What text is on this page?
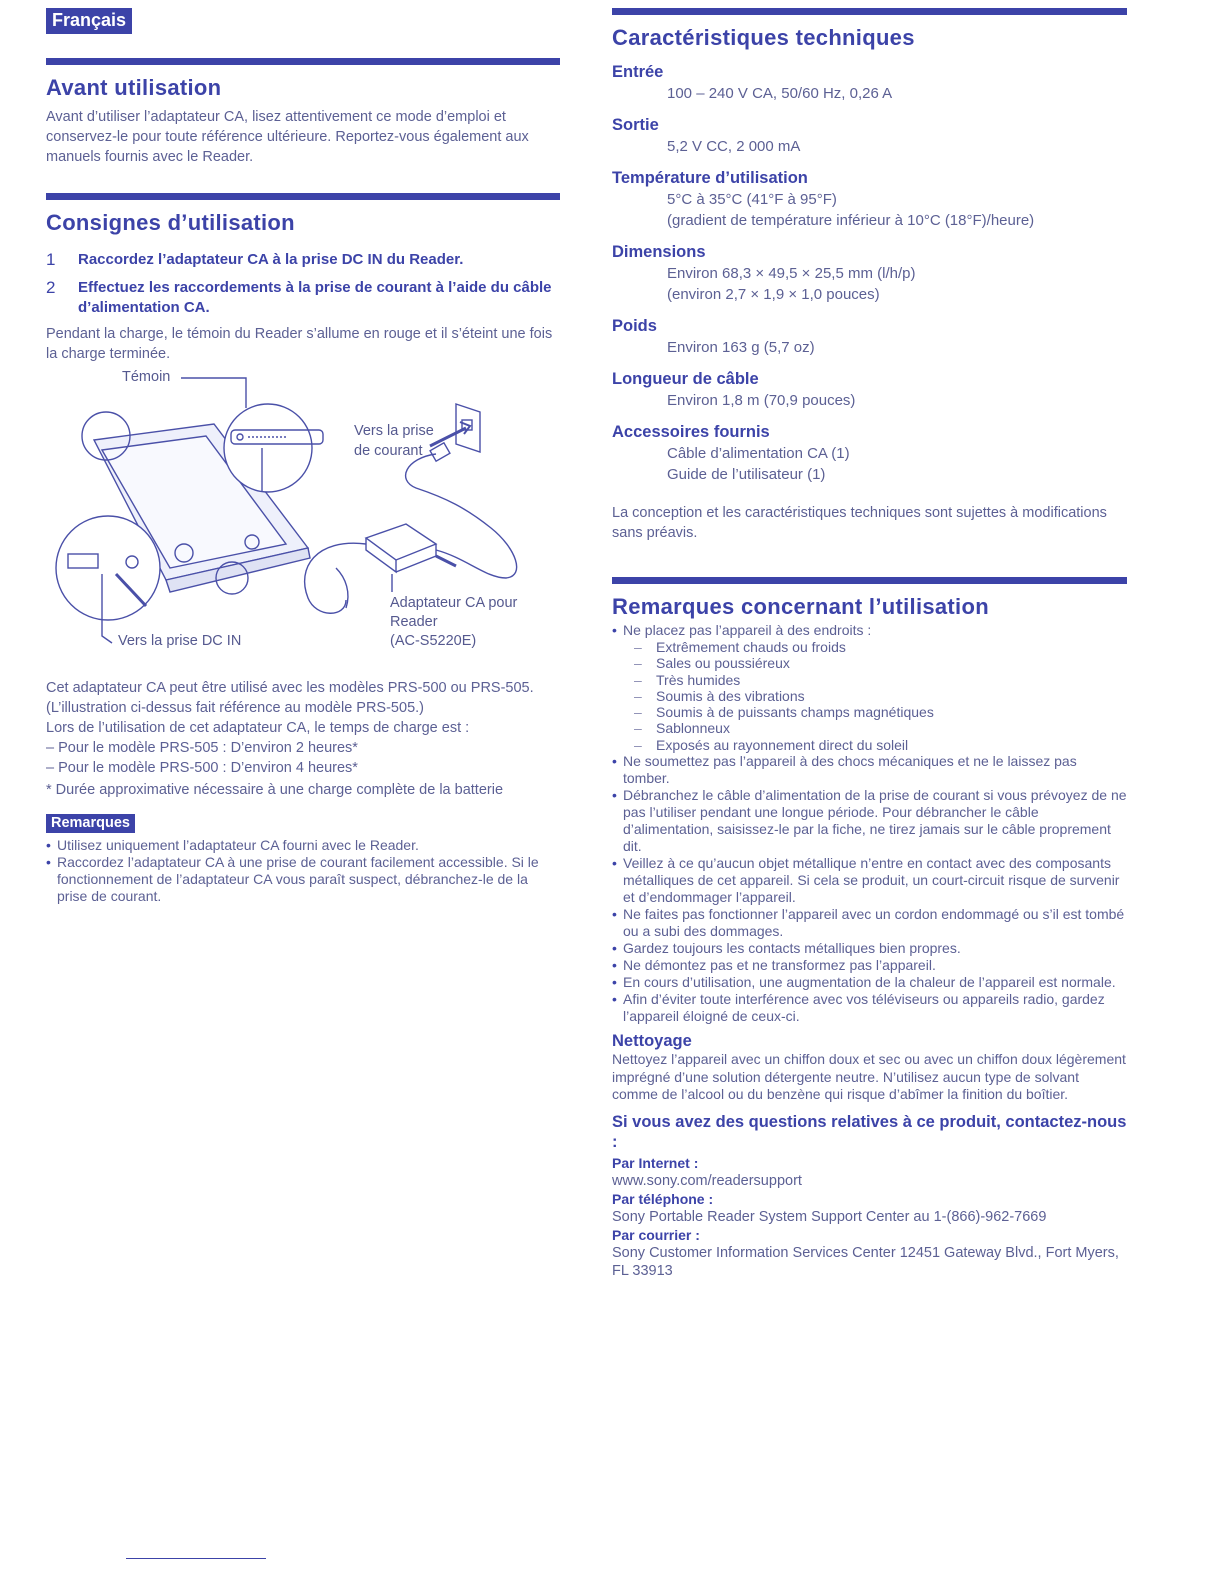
Français
Avant utilisation
Avant d’utiliser l’adaptateur CA, lisez attentivement ce mode d’emploi et conservez-le pour toute référence ultérieure. Reportez-vous également aux manuels fournis avec le Reader.
Consignes d’utilisation
1	Raccordez l’adaptateur CA à la prise DC IN du Reader.
2	Effectuez les raccordements à la prise de courant à l’aide du câble d’alimentation CA.
Pendant la charge, le témoin du Reader s’allume en rouge et il s’éteint une fois la charge terminée.
Témoin
Vers la prise
de courant
Adaptateur CA pour
Reader
(AC-S5220E)
Vers la prise DC IN
Cet adaptateur CA peut être utilisé avec les modèles PRS-500 ou PRS-505.
(L’illustration ci-dessus fait référence au modèle PRS-505.)
Lors de l’utilisation de cet adaptateur CA, le temps de charge est :
– Pour le modèle PRS-505 : D’environ 2 heures*
– Pour le modèle PRS-500 : D’environ 4 heures*
* Durée approximative nécessaire à une charge complète de la batterie
Remarques
• Utilisez uniquement l’adaptateur CA fourni avec le Reader.
• Raccordez l’adaptateur CA à une prise de courant facilement accessible. Si le fonctionnement de l’adaptateur CA vous paraît suspect, débranchez-le de la prise de courant.
Caractéristiques techniques
Entrée
100 – 240 V CA, 50/60 Hz, 0,26 A
Sortie
5,2 V CC, 2 000 mA
Température d’utilisation
5°C à 35°C (41°F à 95°F)
(gradient de température inférieur à 10°C (18°F)/heure)
Dimensions
Environ 68,3 × 49,5 × 25,5 mm (l/h/p)
(environ 2,7 × 1,9 × 1,0 pouces)
Poids
Environ 163 g (5,7 oz)
Longueur de câble
Environ 1,8 m (70,9 pouces)
Accessoires fournis
Câble d’alimentation CA (1)
Guide de l’utilisateur (1)
La conception et les caractéristiques techniques sont sujettes à modifications sans préavis.
Remarques concernant l’utilisation
• Ne placez pas l’appareil à des endroits :
– Extrêmement chauds ou froids
– Sales ou poussiéreux
– Très humides
– Soumis à des vibrations
– Soumis à de puissants champs magnétiques
– Sablonneux
– Exposés au rayonnement direct du soleil
• Ne soumettez pas l’appareil à des chocs mécaniques et ne le laissez pas tomber.
• Débranchez le câble d’alimentation de la prise de courant si vous prévoyez de ne pas l’utiliser pendant une longue période. Pour débrancher le câble d’alimentation, saisissez-le par la fiche, ne tirez jamais sur le câble proprement dit.
• Veillez à ce qu’aucun objet métallique n’entre en contact avec des composants métalliques de cet appareil. Si cela se produit, un court-circuit risque de survenir et d’endommager l’appareil.
• Ne faites pas fonctionner l’appareil avec un cordon endommagé ou s’il est tombé ou a subi des dommages.
• Gardez toujours les contacts métalliques bien propres.
• Ne démontez pas et ne transformez pas l’appareil.
• En cours d’utilisation, une augmentation de la chaleur de l’appareil est normale.
• Afin d’éviter toute interférence avec vos téléviseurs ou appareils radio, gardez l’appareil éloigné de ceux-ci.
Nettoyage
Nettoyez l’appareil avec un chiffon doux et sec ou avec un chiffon doux légèrement imprégné d’une solution détergente neutre. N’utilisez aucun type de solvant comme de l’alcool ou du benzène qui risque d’abîmer la finition du boîtier.
Si vous avez des questions relatives à ce produit, contactez-nous :
Par Internet :
www.sony.com/readersupport
Par téléphone :
Sony Portable Reader System Support Center au 1-(866)-962-7669
Par courrier :
Sony Customer Information Services Center 12451 Gateway Blvd., Fort Myers, FL 33913
